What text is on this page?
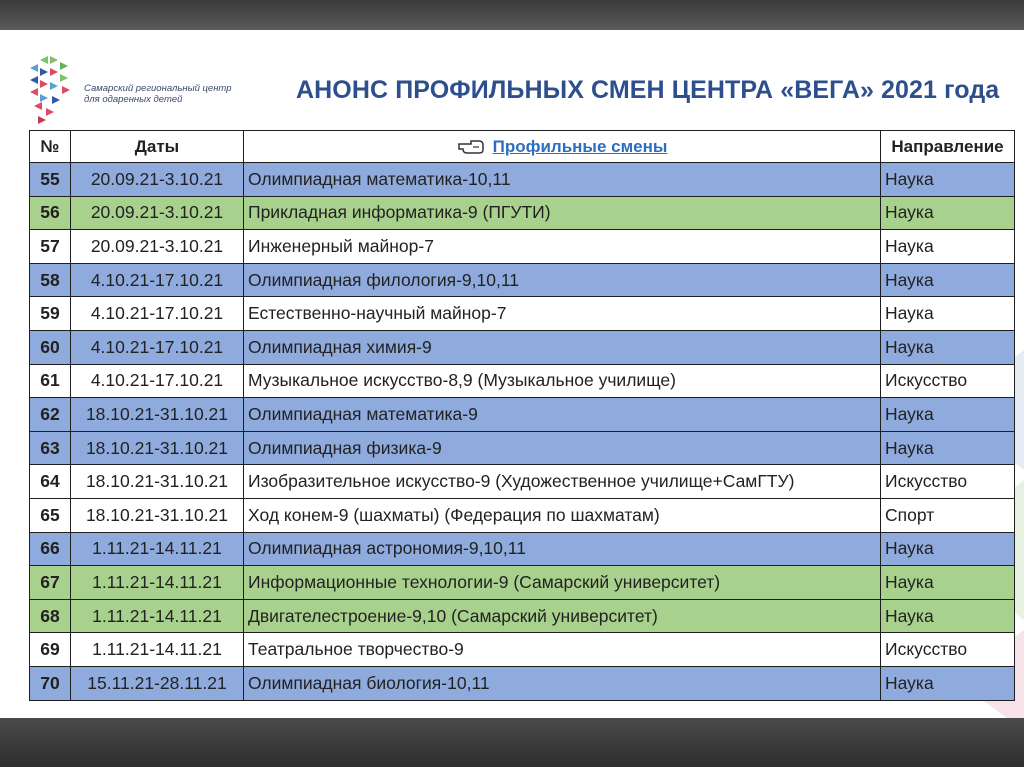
Самарский региональный центр
для одаренных детей	АНОНС ПРОФИЛЬНЫХ СМЕН ЦЕНТРА «ВЕГА» 2021 года
№	Даты	Профильные смены	Направление
55	20.09.21-3.10.21	Олимпиадная математика-10,11	Наука
56	20.09.21-3.10.21	Прикладная информатика-9 (ПГУТИ)	Наука
57	20.09.21-3.10.21	Инженерный майнор-7	Наука
58	4.10.21-17.10.21	Олимпиадная филология-9,10,11	Наука
59	4.10.21-17.10.21	Естественно-научный майнор-7	Наука
60	4.10.21-17.10.21	Олимпиадная химия-9	Наука
61	4.10.21-17.10.21	Музыкальное искусство-8,9 (Музыкальное училище)	Искусство
62	18.10.21-31.10.21	Олимпиадная математика-9	Наука
63	18.10.21-31.10.21	Олимпиадная физика-9	Наука
64	18.10.21-31.10.21	Изобразительное искусство-9 (Художественное училище+СамГТУ)	Искусство
65	18.10.21-31.10.21	Ход конем-9 (шахматы) (Федерация по шахматам)	Спорт
66	1.11.21-14.11.21	Олимпиадная астрономия-9,10,11	Наука
67	1.11.21-14.11.21	Информационные технологии-9 (Самарский университет)	Наука
68	1.11.21-14.11.21	Двигателестроение-9,10 (Самарский университет)	Наука
69	1.11.21-14.11.21	Театральное творчество-9	Искусство
70	15.11.21-28.11.21	Олимпиадная биология-10,11	Наука
